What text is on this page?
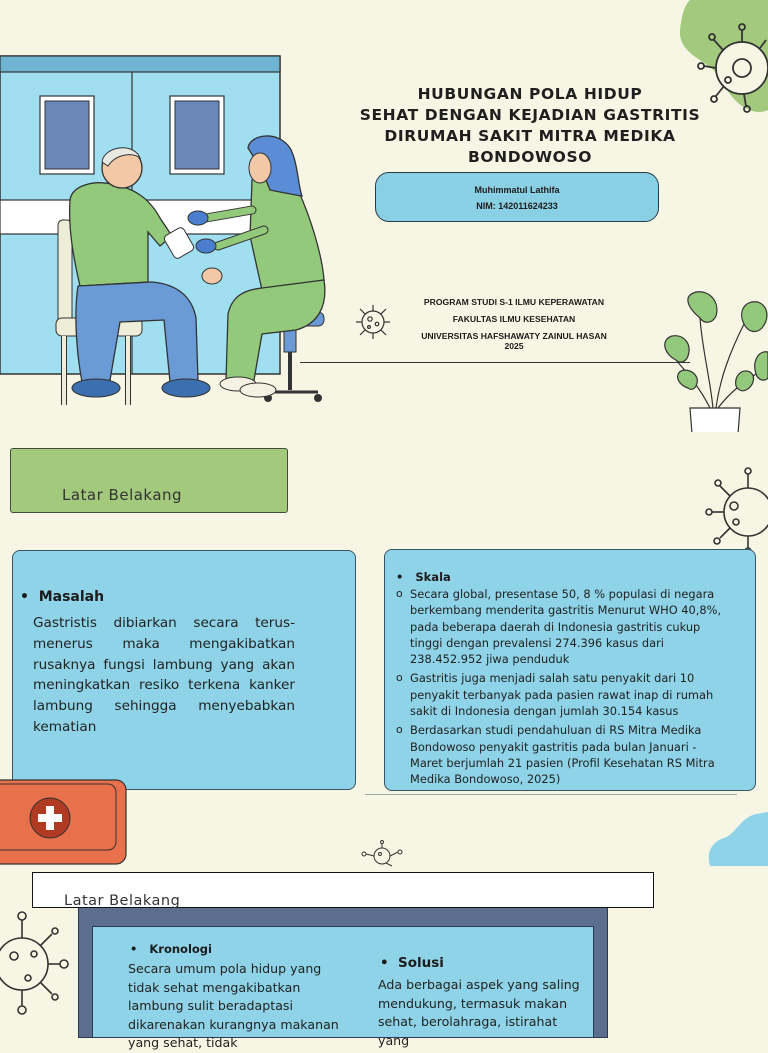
HUBUNGAN POLA HIDUP
SEHAT DENGAN KEJADIAN GASTRITIS
DIRUMAH SAKIT MITRA MEDIKA
BONDOWOSO
Muhimmatul Lathifa
NIM: 142011624233
PROGRAM STUDI S-1 ILMU KEPERAWATAN
FAKULTAS ILMU KESEHATAN
UNIVERSITAS HAFSHAWATY ZAINUL HASAN
2025
Latar Belakang
•  Masalah
Gastristis dibiarkan secara terus-menerus maka mengakibatkan rusaknya fungsi lambung yang akan meningkatkan resiko terkena kanker lambung sehingga menyebabkan kematian
•   Skala
o Secara global, presentase 50, 8 % populasi di negara berkembang menderita gastritis Menurut WHO 40,8%, pada beberapa daerah di Indonesia gastritis cukup tinggi dengan prevalensi 274.396 kasus dari 238.452.952 jiwa penduduk
o Gastritis juga menjadi salah satu penyakit dari 10 penyakit terbanyak pada pasien rawat inap di rumah sakit di Indonesia dengan jumlah 30.154 kasus
o Berdasarkan studi pendahuluan di RS Mitra Medika Bondowoso penyakit gastritis pada bulan Januari - Maret berjumlah 21 pasien (Profil Kesehatan RS Mitra Medika Bondowoso, 2025)
Latar Belakang
•   Kronologi
Secara umum pola hidup yang tidak sehat mengakibatkan lambung sulit beradaptasi dikarenakan kurangnya makanan yang sehat, tidak
•  Solusi
Ada berbagai aspek yang saling mendukung, termasuk makan sehat, berolahraga, istirahat yang
